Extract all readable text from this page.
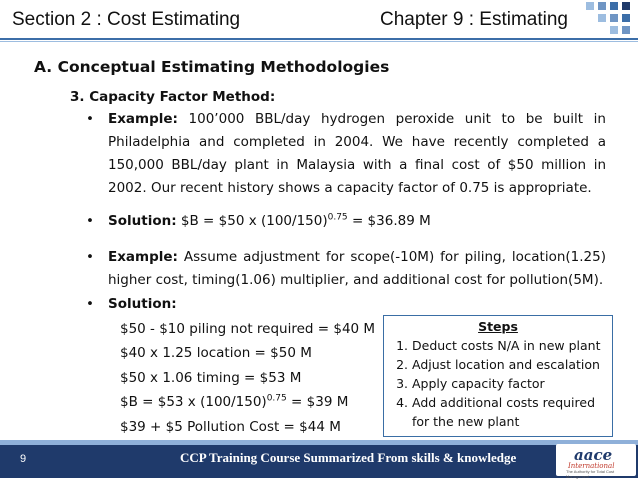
Section 2 : Cost Estimating	Chapter 9 : Estimating
A. Conceptual Estimating Methodologies
3. Capacity Factor Method:
• Example: 100’000 BBL/day hydrogen peroxide unit to be built in Philadelphia and completed in 2004. We have recently completed a 150,000 BBL/day plant in Malaysia with a final cost of $50 million in 2002. Our recent history shows a capacity factor of 0.75 is appropriate.
• Solution: $B = $50 x $(100/150)^{0.75}$ = $36.89 M
• Example: Assume adjustment for scope(-10M) for piling, location(1.25) higher cost, timing(1.06) multiplier, and additional cost for pollution(5M).
• Solution:
$50 - $10 piling not required = $40 M
$40 x 1.25 location = $50 M
$50 x 1.06 timing = $53 M
$B = $53 x $(100/150)^{0.75}$ = $39 M
$39 + $5 Pollution Cost = $44 M
Steps
1. Deduct costs N/A in new plant
2. Adjust location and escalation
3. Apply capacity factor
4. Add additional costs required for the new plant
9	CCP Training Course Summarized From skills & knowledge	aace
International
The Authority for Total Cost Management
